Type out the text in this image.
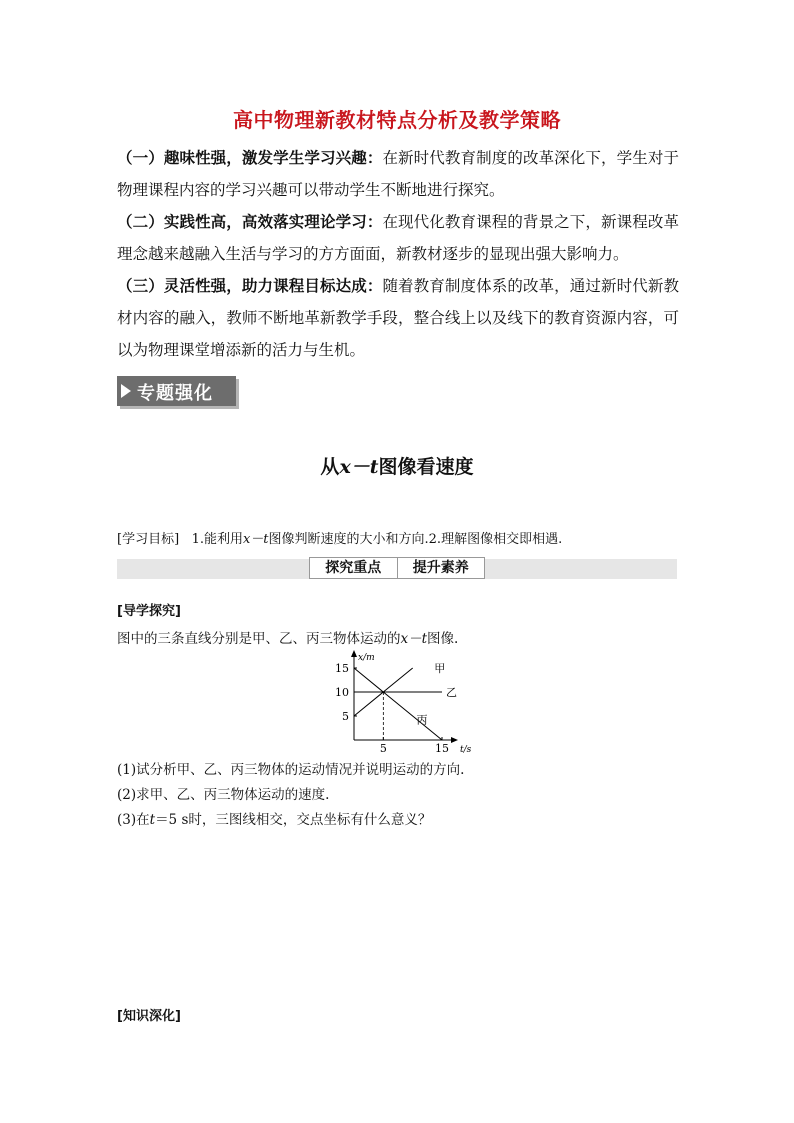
高中物理新教材特点分析及教学策略
（一）趣味性强，激发学生学习兴趣：在新时代教育制度的改革深化下，学生对于物理课程内容的学习兴趣可以带动学生不断地进行探究。
（二）实践性高，高效落实理论学习：在现代化教育课程的背景之下，新课程改革理念越来越融入生活与学习的方方面面，新教材逐步的显现出强大影响力。
（三）灵活性强，助力课程目标达成：随着教育制度体系的改革，通过新时代新教材内容的融入，教师不断地革新教学手段，整合线上以及线下的教育资源内容，可以为物理课堂增添新的活力与生机。
专题强化
从x－t图像看速度
[学习目标] 1.能利用x－t图像判断速度的大小和方向.2.理解图像相交即相遇.
探究重点	提升素养
[导学探究]
图中的三条直线分别是甲、乙、丙三物体运动的x－t图像.
5
10
15
5	15
x/m
t/s
甲
乙
丙
(1)试分析甲、乙、丙三物体的运动情况并说明运动的方向.
(2)求甲、乙、丙三物体运动的速度.
(3)在t＝5 s时，三图线相交，交点坐标有什么意义？
[知识深化]
